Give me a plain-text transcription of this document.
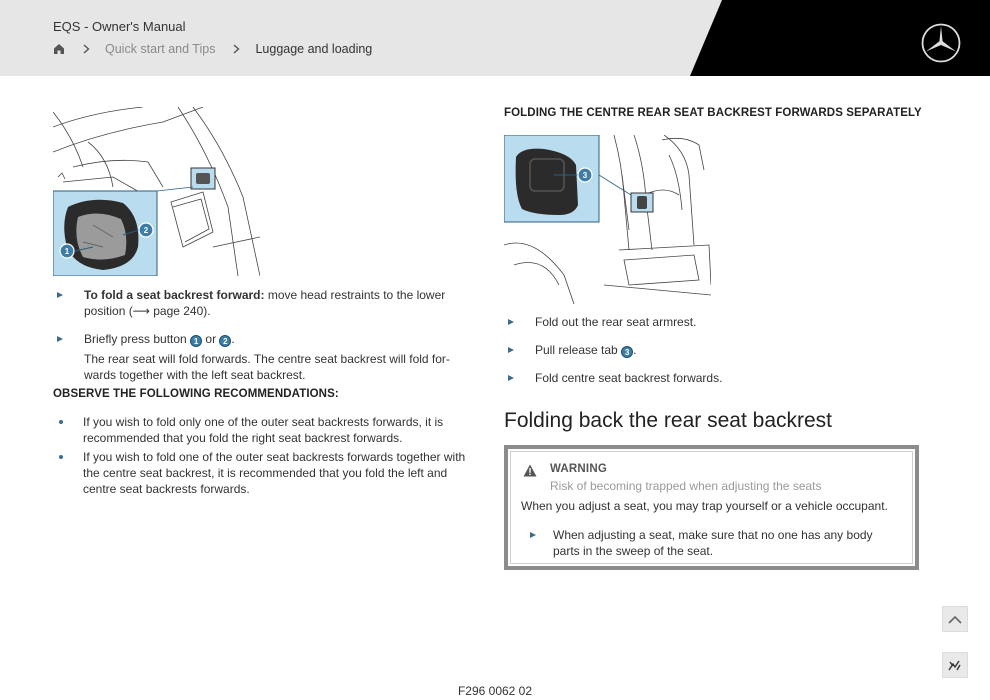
EQS - Owner's Manual
Quick start and Tips	Luggage and loading
1
2
To fold a seat backrest forward: move head restraints to the lower
position (⟶ page 240).
Briefly press button 1 or 2 .
The rear seat will fold forwards. The centre seat backrest will fold for-
wards together with the left seat backrest.
OBSERVE THE FOLLOWING RECOMMENDATIONS:
If you wish to fold only one of the outer seat backrests forwards, it is
recommended that you fold the right seat backrest forwards.
If you wish to fold one of the outer seat backrests forwards together with
the centre seat backrest, it is recommended that you fold the left and
centre seat backrests forwards.
FOLDING THE CENTRE REAR SEAT BACKREST FORWARDS SEPARATELY
3
Fold out the rear seat armrest.
Pull release tab 3 .
Fold centre seat backrest forwards.
Folding back the rear seat backrest
WARNING
Risk of becoming trapped when adjusting the seats
When you adjust a seat, you may trap yourself or a vehicle occupant.
When adjusting a seat, make sure that no one has any body
parts in the sweep of the seat.
F296 0062 02
